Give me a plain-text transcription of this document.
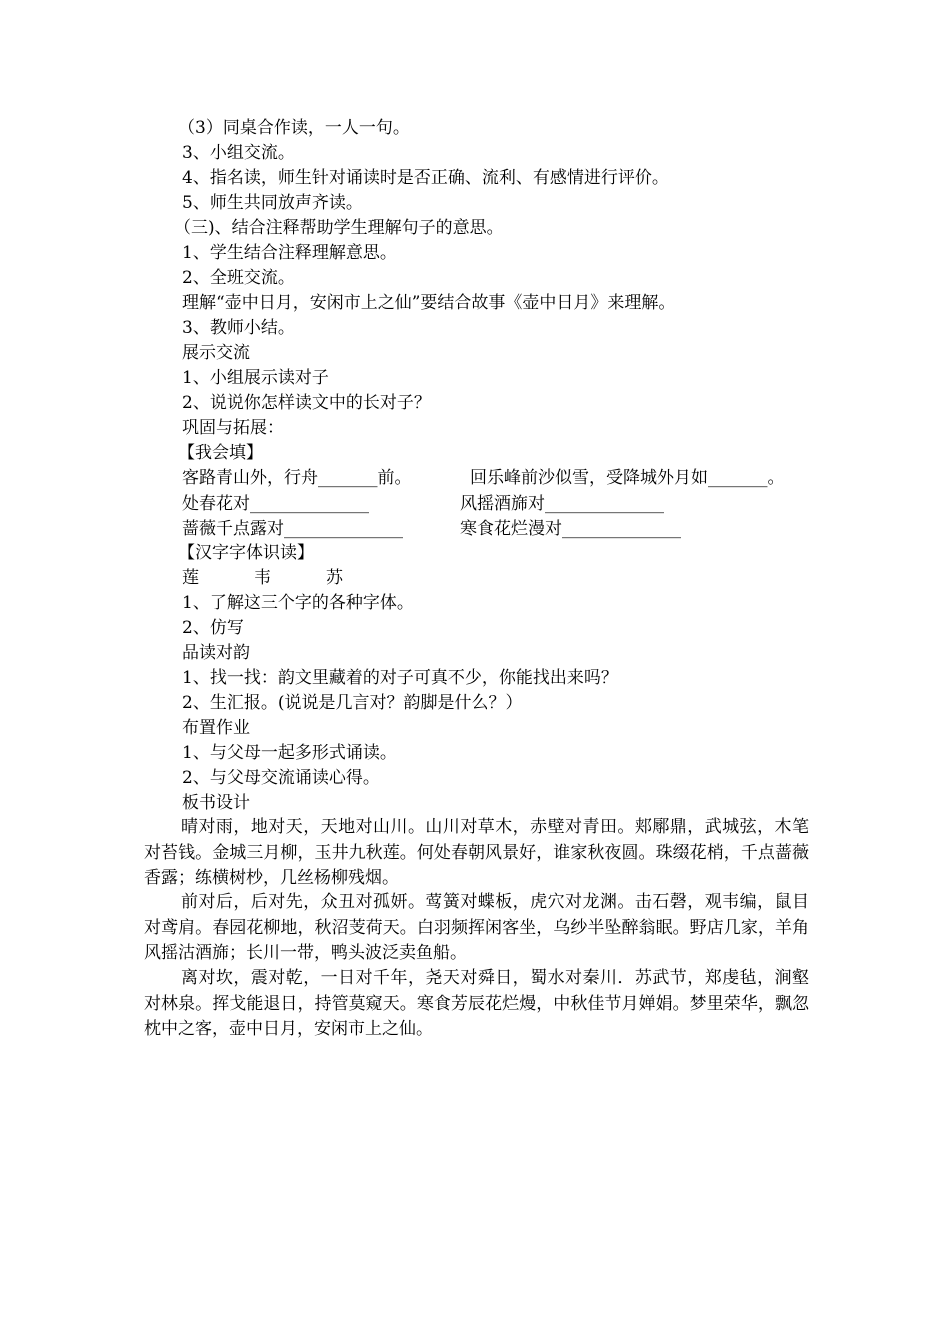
（3）同桌合作读，一人一句。
3、小组交流。
4、指名读，师生针对诵读时是否正确、流利、有感情进行评价。
5、师生共同放声齐读。
（三)、结合注释帮助学生理解句子的意思。
1、学生结合注释理解意思。
2、全班交流。
理解“壶中日月，安闲市上之仙”要结合故事《壶中日月》来理解。
3、教师小结。
展示交流
1、小组展示读对子
2、说说你怎样读文中的长对子？
巩固与拓展：
【我会填】
客路青山外，行舟_______前。	回乐峰前沙似雪，受降城外月如_______。
处春花对______________	风摇酒旆对______________
蔷薇千点露对______________	寒食花烂漫对______________
【汉字字体识读】
莲	韦	苏
1、了解这三个字的各种字体。
2、仿写
品读对韵
1、找一找：韵文里藏着的对子可真不少，你能找出来吗？
2、生汇报。(说说是几言对？韵脚是什么？）
布置作业
1、与父母一起多形式诵读。
2、与父母交流诵读心得。
板书设计
晴对雨，地对天，天地对山川。山川对草木，赤壁对青田。郏鄏鼎，武城弦，木笔对苔钱。金城三月柳，玉井九秋莲。何处春朝风景好，谁家秋夜圆。珠缀花梢，千点蔷薇香露；练横树杪，几丝杨柳残烟。
前对后，后对先，众丑对孤妍。莺簧对蝶板，虎穴对龙渊。击石磬，观韦编，鼠目对鸢肩。春园花柳地，秋沼芰荷天。白羽频挥闲客坐，乌纱半坠醉翁眠。野店几家，羊角风摇沽酒旆；长川一带，鸭头波泛卖鱼船。
离对坎，震对乾，一日对千年，尧天对舜日，蜀水对秦川．苏武节，郑虔毡，涧壑对林泉。挥戈能退日，持管莫窥天。寒食芳辰花烂熳，中秋佳节月婵娟。梦里荣华，飘忽枕中之客，壶中日月，安闲市上之仙。
